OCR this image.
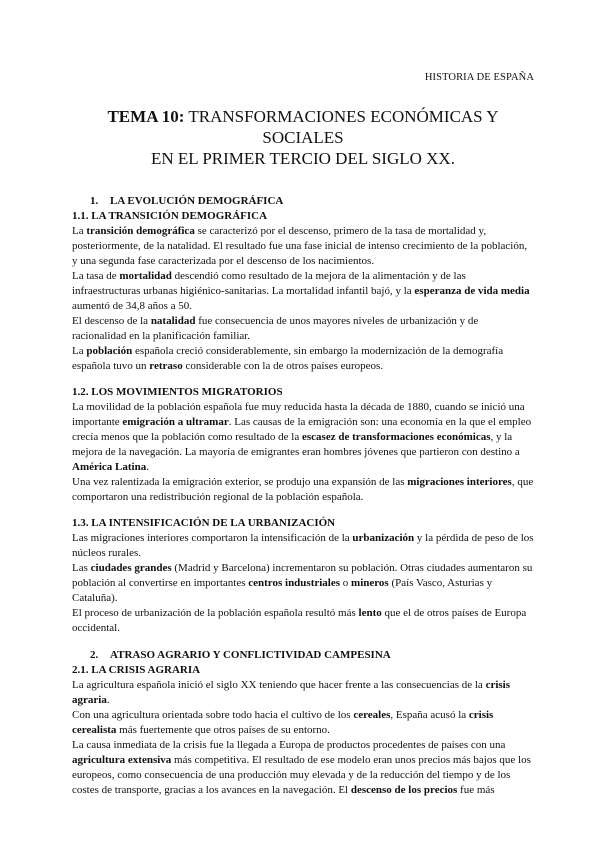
HISTORIA DE ESPAÑA
TEMA 10: TRANSFORMACIONES ECONÓMICAS Y SOCIALES
EN EL PRIMER TERCIO DEL SIGLO XX.
1. LA EVOLUCIÓN DEMOGRÁFICA
1.1. LA TRANSICIÓN DEMOGRÁFICA

La transición demográfica se caracterizó por el descenso, primero de la tasa de mortalidad y, posteriormente, de la natalidad. El resultado fue una fase inicial de intenso crecimiento de la población, y una segunda fase caracterizada por el descenso de los nacimientos.

La tasa de mortalidad descendió como resultado de la mejora de la alimentación y de las infraestructuras urbanas higiénico-sanitarias. La mortalidad infantil bajó, y la esperanza de vida media aumentó de 34,8 años a 50.

El descenso de la natalidad fue consecuencia de unos mayores niveles de urbanización y de racionalidad en la planificación familiar.

La población española creció considerablemente, sin embargo la modernización de la demografía española tuvo un retraso considerable con la de otros países europeos.

1.2. LOS MOVIMIENTOS MIGRATORIOS

La movilidad de la población española fue muy reducida hasta la década de 1880, cuando se inició una importante emigración a ultramar. Las causas de la emigración son: una economía en la que el empleo crecía menos que la población como resultado de la escasez de transformaciones económicas, y la mejora de la navegación. La mayoría de emigrantes eran hombres jóvenes que partieron con destino a América Latina.

Una vez ralentizada la emigración exterior, se produjo una expansión de las migraciones interiores, que comportaron una redistribución regional de la población española.

1.3. LA INTENSIFICACIÓN DE LA URBANIZACIÓN

Las migraciones interiores comportaron la intensificación de la urbanización y la pérdida de peso de los núcleos rurales.

Las ciudades grandes (Madrid y Barcelona) incrementaron su población. Otras ciudades aumentaron su población al convertirse en importantes centros industriales o mineros (País Vasco, Asturias y Cataluña).

El proceso de urbanización de la población española resultó más lento que el de otros países de Europa occidental.

2. ATRASO AGRARIO Y CONFLICTIVIDAD CAMPESINA
2.1. LA CRISIS AGRARIA

La agricultura española inició el siglo XX teniendo que hacer frente a las consecuencias de la crisis agraria.

Con una agricultura orientada sobre todo hacia el cultivo de los cereales, España acusó la crisis cerealista más fuertemente que otros países de su entorno.

La causa inmediata de la crisis fue la llegada a Europa de productos procedentes de países con una agricultura extensiva más competitiva. El resultado de ese modelo eran unos precios más bajos que los europeos, como consecuencia de una producción muy elevada y de la reducción del tiempo y de los costes de transporte, gracias a los avances en la navegación. El descenso de los precios fue más
